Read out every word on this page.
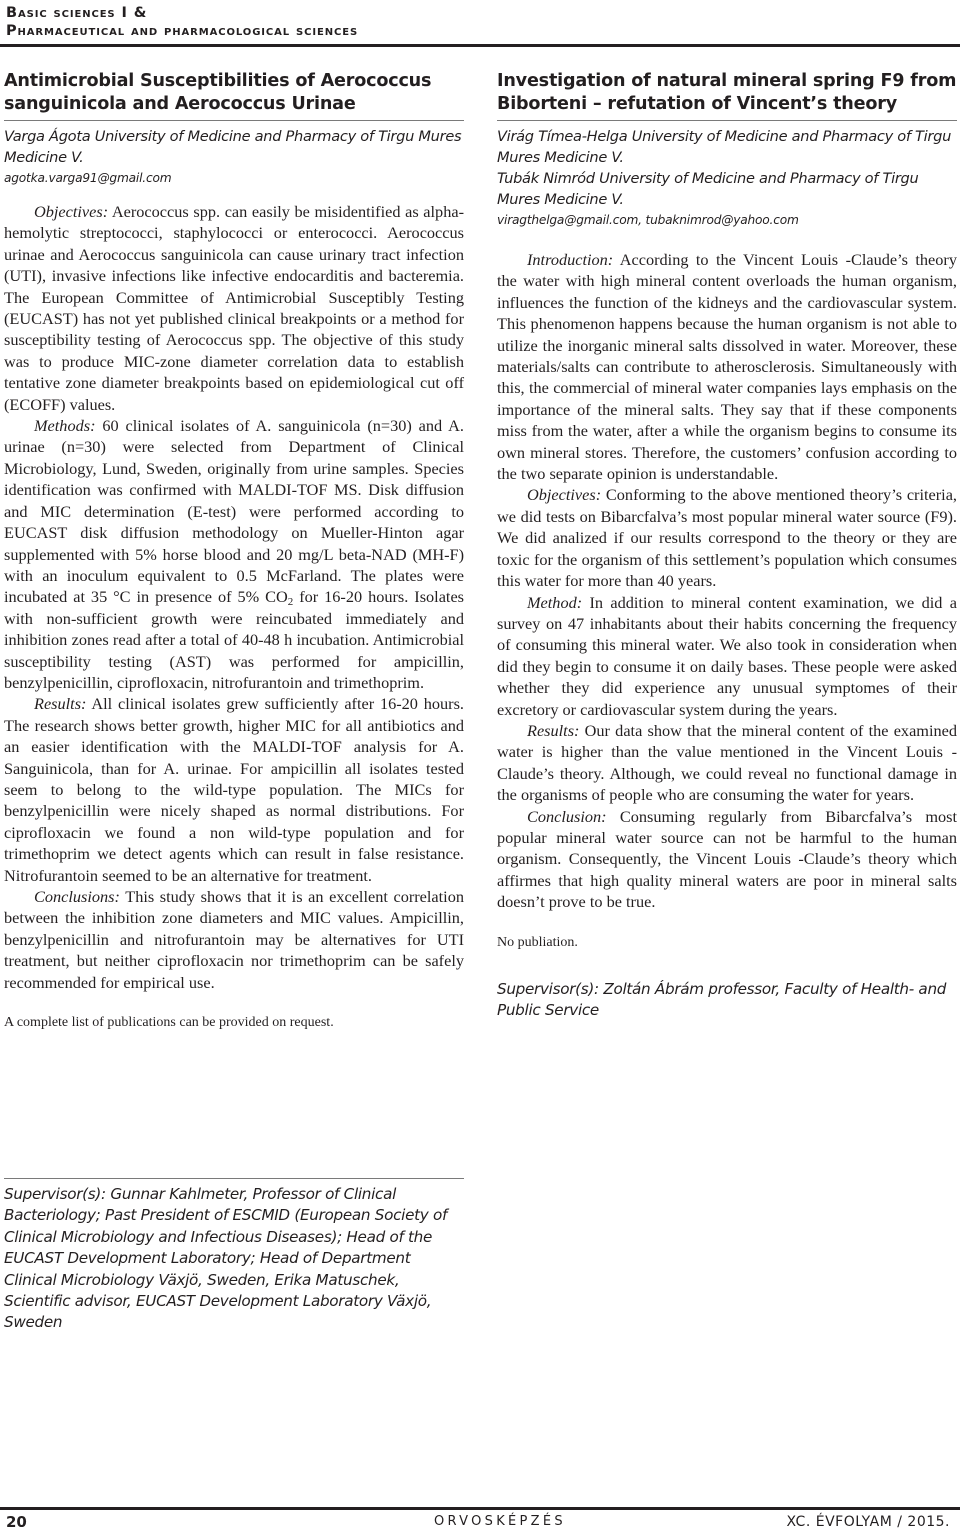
Basic sciences I &
Pharmaceutical and pharmacological sciences
Antimicrobial Susceptibilities of Aerococcus sanguinicola and Aerococcus Urinae
Varga Ágota University of Medicine and Pharmacy of Tirgu Mures Medicine V.
agotka.varga91@gmail.com

Objectives: Aerococcus spp. can easily be misidentified as alpha-hemolytic streptococci, staphylococci or enterococci. Aerococcus urinae and Aerococcus sanguinicola can cause urinary tract infection (UTI), invasive infections like infective endocarditis and bacteremia. The European Committee of Antimicrobial Susceptibly Testing (EUCAST) has not yet published clinical breakpoints or a method for susceptibility testing of Aerococcus spp. The objective of this study was to produce MIC-zone diameter correlation data to establish tentative zone diameter breakpoints based on epidemiological cut off (ECOFF) values.

Methods: 60 clinical isolates of A. sanguinicola (n=30) and A. urinae (n=30) were selected from Department of Clinical Microbiology, Lund, Sweden, originally from urine samples. Species identification was confirmed with MALDI-TOF MS. Disk diffusion and MIC determination (E-test) were performed according to EUCAST disk diffusion methodology on Mueller-Hinton agar supplemented with 5% horse blood and 20 mg/L beta-NAD (MH-F) with an inoculum equivalent to 0.5 McFarland. The plates were incubated at 35 °C in presence of 5% $CO_2$ for 16-20 hours. Isolates with non-sufficient growth were reincubated immediately and inhibition zones read after a total of 40-48 h incubation. Antimicrobial susceptibility testing (AST) was performed for ampicillin, benzylpenicillin, ciprofloxacin, nitrofurantoin and trimethoprim.

Results: All clinical isolates grew sufficiently after 16-20 hours. The research shows better growth, higher MIC for all antibiotics and an easier identification with the MALDI-TOF analysis for A. Sanguinicola, than for A. urinae. For ampicillin all isolates tested seem to belong to the wild-type population. The MICs for benzylpenicillin were nicely shaped as normal distributions. For ciprofloxacin we found a non wild-type population and for trimethoprim we detect agents which can result in false resistance. Nitrofurantoin seemed to be an alternative for treatment.

Conclusions: This study shows that it is an excellent correlation between the inhibition zone diameters and MIC values. Ampicillin, benzylpenicillin and nitrofurantoin may be alternatives for UTI treatment, but neither ciprofloxacin nor trimethoprim can be safely recommended for empirical use.

A complete list of publications can be provided on request.
Supervisor(s): Gunnar Kahlmeter, Professor of Clinical Bacteriology; Past President of ESCMID (European Society of Clinical Microbiology and Infectious Diseases); Head of the EUCAST Development Laboratory; Head of Department Clinical Microbiology Växjö, Sweden, Erika Matuschek, Scientific advisor, EUCAST Development Laboratory Växjö, Sweden
Investigation of natural mineral spring F9 from Biborteni – refutation of Vincent’s theory
Virág Tímea-Helga University of Medicine and Pharmacy of Tirgu Mures Medicine V.
Tubák Nimród University of Medicine and Pharmacy of Tirgu Mures Medicine V.
viragthelga@gmail.com, tubaknimrod@yahoo.com

Introduction: According to the Vincent Louis -Claude’s theory the water with high mineral content overloads the human organism, influences the function of the kidneys and the cardiovascular system. This phenomenon happens because the human organism is not able to utilize the inorganic mineral salts dissolved in water. Moreover, these materials/salts can contribute to atherosclerosis. Simultaneously with this, the commercial of mineral water companies lays emphasis on the importance of the mineral salts. They say that if these components miss from the water, after a while the organism begins to consume its own mineral stores. Therefore, the customers’ confusion according to the two separate opinion is understandable.

Objectives: Conforming to the above mentioned theory’s criteria, we did tests on Bibarcfalva’s most popular mineral water source (F9). We did analized if our results correspond to the theory or they are toxic for the organism of this settlement’s population which consumes this water for more than 40 years.

Method: In addition to mineral content examination, we did a survey on 47 inhabitants about their habits concerning the frequency of consuming this mineral water. We also took in consideration when did they begin to consume it on daily bases. These people were asked whether they did experience any unusual symptomes of their excretory or cardiovascular system during the years.

Results: Our data show that the mineral content of the examined water is higher than the value mentioned in the Vincent Louis -Claude’s theory. Although, we could reveal no functional damage in the organisms of people who are consuming the water for years.

Conclusion: Consuming regularly from Bibarcfalva’s most popular mineral water source can not be harmful to the human organism. Consequently, the Vincent Louis -Claude’s theory which affirmes that high quality mineral waters are poor in mineral salts doesn’t prove to be true.

No publiation.
Supervisor(s): Zoltán Ábrám professor, Faculty of Health- and Public Service
20	ORVOSKÉPZÉS	XC. ÉVFOLYAM / 2015.
